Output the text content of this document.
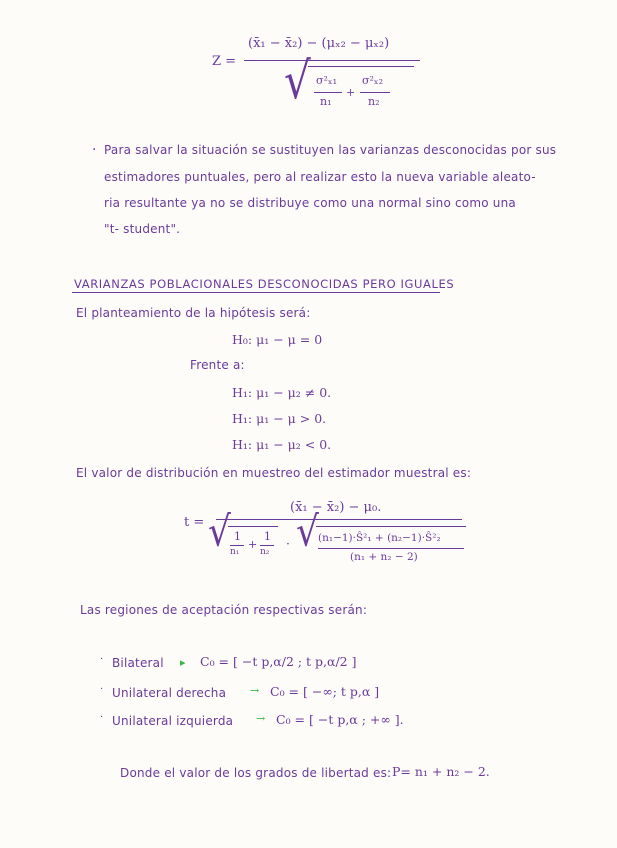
Z =
(x̄₁ − x̄₂) − (μₓ₂ − μₓ₂)
√ σ²ₓ₁
n₁
+
σ²ₓ₂
n₂
· Para salvar la situación se sustituyen las varianzas desconocidas por sus
estimadores puntuales, pero al realizar esto la nueva variable aleato-
ria resultante ya no se distribuye como una normal sino como una
"t- student".
VARIANZAS POBLACIONALES DESCONOCIDAS PERO IGUALES
El planteamiento de la hipótesis será:
H₀: μ₁ − μ = 0
Frente a:
H₁: μ₁ − μ₂ ≠ 0.
H₁: μ₁ − μ > 0.
H₁: μ₁ − μ₂ < 0.
El valor de distribución en muestreo del estimador muestral es:
t =
(x̄₁ − x̄₂) − μ₀.
√ 1
n₁
+
1
n₂
· √ (n₁−1)·Ŝ²₁ + (n₂−1)·Ŝ²₂
(n₁ + n₂ − 2)
Las regiones de aceptación respectivas serán:
· Bilateral ▸ C₀ = [ −t p,α/2 ; t p,α/2 ]
· Unilateral derecha → C₀ = [ −∞; t p,α ]
· Unilateral izquierda → C₀ = [ −t p,α ; +∞ ].
Donde el valor de los grados de libertad es: P= n₁ + n₂ − 2.
